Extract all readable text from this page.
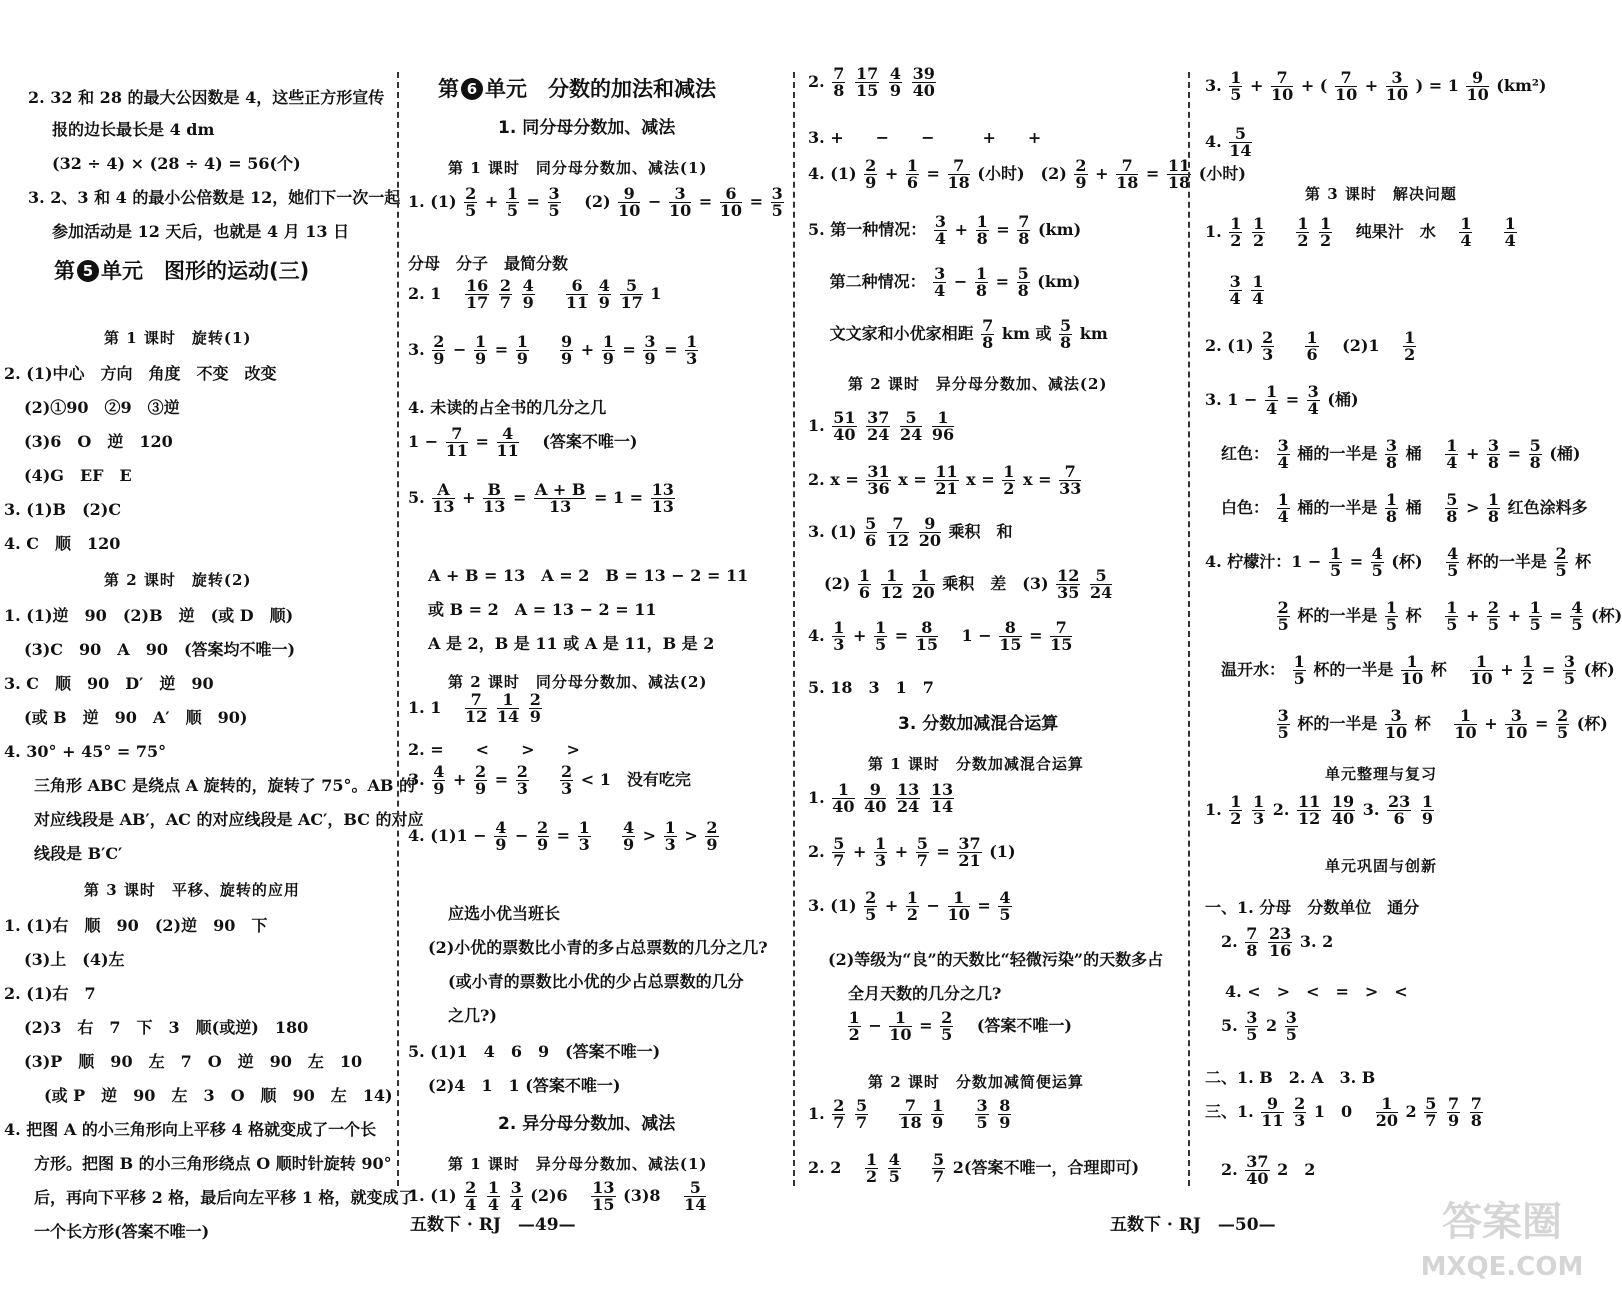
2. 32 和 28 的最大公因数是 4，这些正方形宣传
报的边长最长是 4 dm
(32 ÷ 4) × (28 ÷ 4) = 56(个)
3. 2、3 和 4 的最小公倍数是 12，她们下一次一起
参加活动是 12 天后，也就是 4 月 13 日
2. (1)中心　方向　角度　不变　改变
(2)①90　②9　③逆
(3)6　O　逆　120
(4)G　EF　E
3. (1)B　(2)C
4. C　顺　120
1. (1)逆　90　(2)B　逆　(或 D　顺)
(3)C　90　A　90　(答案均不唯一)
3. C　顺　90　D′　逆　90
(或 B　逆　90　A′　顺　90)
4. 30° + 45° = 75°
三角形 ABC 是绕点 A 旋转的，旋转了 75°。AB 的
对应线段是 AB′，AC 的对应线段是 AC′，BC 的对应
线段是 B′C′
1. (1)右　顺　90　(2)逆　90　下
(3)上　(4)左
2. (1)右　7
(2)3　右　7　下　3　顺(或逆)　180
(3)P　顺　90　左　7　O　逆　90　左　10
(或 P　逆　90　左　3　O　顺　90　左　14)
4. 把图 A 的小三角形向上平移 4 格就变成了一个长
方形。把图 B 的小三角形绕点 O 顺时针旋转 90°
后，再向下平移 2 格，最后向左平移 1 格，就变成了
一个长方形(答案不唯一)
第 5 单元　图形的运动(三)
第 1 课时　旋转(1)
第 2 课时　旋转(2)
第 3 课时　平移、旋转的应用
分母　分子　最简分数
4. 未读的占全书的几分之几
A + B = 13　A = 2　B = 13 − 2 = 11
或 B = 2　A = 13 − 2 = 11
A 是 2，B 是 11 或 A 是 11，B 是 2
2. =　　<　　>　　>
应选小优当班长
(2)小优的票数比小青的多占总票数的几分之几?
(或小青的票数比小优的少占总票数的几分
之几?)
5. (1)1　4　6　9　(答案不唯一)
(2)4　1　1 (答案不唯一)
第 6 单元　分数的加法和减法
1. 同分母分数加、减法
第 1 课时　同分母分数加、减法(1)
第 2 课时　同分母分数加、减法(2)
2. 异分母分数加、减法
第 1 课时　异分母分数加、减法(1)
1. $(1) \frac{2}{5} + \frac{1}{5} = \frac{3}{5}$ 　$(2) \frac{9}{10} - \frac{3}{10} = \frac{6}{10} = \frac{3}{5}$
2. 1　 $\frac{16}{17}$
$\frac{2}{7}$
$\frac{4}{9}$
　 $\frac{6}{11}$
$\frac{4}{9}$
$\frac{5}{17} 1$
3. $\frac{2}{9} - \frac{1}{9} = \frac{1}{9}$
　 $\frac{9}{9} + \frac{1}{9} = \frac{3}{9} = \frac{1}{3}$
$1 - \frac{7}{11} = \frac{4}{11}$ 　(答案不唯一)
5. $\frac{A}{13} + \frac{B}{13} = \frac{A + B}{13} = 1 = \frac{13}{13}$
1. 1　 $\frac{7}{12}$
$\frac{1}{14}$
$\frac{2}{9}$
3. $\frac{4}{9} + \frac{2}{9} = \frac{2}{3}$
　 $\frac{2}{3} < 1$　没有吃完
4. $(1)1 - \frac{4}{9} - \frac{2}{9} = \frac{1}{3}$
　 $\frac{4}{9} > \frac{1}{3} > \frac{2}{9}$
1. $(1) \frac{2}{4}$
$\frac{1}{4}$
$\frac{3}{4} (2)6$　 $\frac{13}{15} (3)8$　 $\frac{5}{14}$
3. +　　−　　−　　　+　　+
5. 18　3　1　7
(2)等级为“良”的天数比“轻微污染”的天数多占
全月天数的几分之几?
第 2 课时　异分母分数加、减法(2)
3. 分数加减混合运算
第 1 课时　分数加减混合运算
第 2 课时　分数加减简便运算
2. $\frac{7}{8}$
$\frac{17}{15}$
$\frac{4}{9}$
$\frac{39}{40}$
4. $(1) \frac{2}{9} + \frac{1}{6} = \frac{7}{18}$ (小时)　$(2) \frac{2}{9} + \frac{7}{18} = \frac{11}{18}$ (小时)
5. 第一种情况： $\frac{3}{4} + \frac{1}{8} = \frac{7}{8} (km)$
　 第二种情况： $\frac{3}{4} - \frac{1}{8} = \frac{5}{8} (km)$
　 文文家和小优家相距 $\frac{7}{8}$ km 或 $\frac{5}{8}$ km
1. $\frac{51}{40}$
$\frac{37}{24}$
$\frac{5}{24}$
$\frac{1}{96}$
2. $x = \frac{31}{36}$ $x = \frac{11}{21}$ $x = \frac{1}{2}$ $x = \frac{7}{33}$
3. $(1) \frac{5}{6}$
$\frac{7}{12}$
$\frac{9}{20}$ 乘积　和
　$(2) \frac{1}{6}$
$\frac{1}{12}$
$\frac{1}{20}$ 乘积　差　$(3) \frac{12}{35}$
$\frac{5}{24}$
4. $\frac{1}{3} + \frac{1}{5} = \frac{8}{15}$ 　$1 - \frac{8}{15} = \frac{7}{15}$
1. $\frac{1}{40}$
$\frac{9}{40}$
$\frac{13}{24}$
$\frac{13}{14}$
2. $\frac{5}{7} + \frac{1}{3} + \frac{5}{7} = \frac{37}{21} (1)$
3. $(1) \frac{2}{5} + \frac{1}{2} - \frac{1}{10} = \frac{4}{5}$

$\frac{1}{2} - \frac{1}{10} = \frac{2}{5}$ 　(答案不唯一)
1. $\frac{2}{7}$
$\frac{5}{7}$
　 $\frac{7}{18}$
$\frac{1}{9}$
　 $\frac{3}{5}$
$\frac{8}{9}$
2. 2　 $\frac{1}{2}$
$\frac{4}{5}$
　 $\frac{5}{7} 2$(答案不唯一，合理即可)
一、1. 分母　分数单位　通分
4. <　>　<　=　>　<
二、1. B　2. A　3. B
第 3 课时　解决问题
单元整理与复习
单元巩固与创新
3. $\frac{1}{5} + \frac{7}{10}$ + ( $\frac{7}{10} + \frac{3}{10}$ ) = $1 \frac{9}{10} (km^2)$
4. $\frac{5}{14}$
1. $\frac{1}{2}$
$\frac{1}{2}$
　 $\frac{1}{2}$
$\frac{1}{2}$ 　纯果汁　水　 $\frac{1}{4}$
　 $\frac{1}{4}$

$\frac{3}{4}$
$\frac{1}{4}$
2. $(1) \frac{2}{3}$
　 $\frac{1}{6}$ 　(2)1　 $\frac{1}{2}$
3. $1 - \frac{1}{4} = \frac{3}{4}$ (桶)
　红色： $\frac{3}{4}$ 桶的一半是 $\frac{3}{8}$ 桶　 $\frac{1}{4} + \frac{3}{8} = \frac{5}{8}$ (桶)
　白色： $\frac{1}{4}$ 桶的一半是 $\frac{1}{8}$ 桶　 $\frac{5}{8} > \frac{1}{8}$ 红色涂料多
4. 柠檬汁：$1 - \frac{1}{5} = \frac{4}{5}$ (杯)　 $\frac{4}{5}$ 杯的一半是 $\frac{2}{5}$ 杯

$\frac{2}{5}$ 杯的一半是 $\frac{1}{5}$ 杯　 $\frac{1}{5} + \frac{2}{5} + \frac{1}{5} = \frac{4}{5}$ (杯)
　温开水： $\frac{1}{5}$ 杯的一半是 $\frac{1}{10}$ 杯　 $\frac{1}{10} + \frac{1}{2} = \frac{3}{5}$ (杯)

$\frac{3}{5}$ 杯的一半是 $\frac{3}{10}$ 杯　 $\frac{1}{10} + \frac{3}{10} = \frac{2}{5}$ (杯)
1. $\frac{1}{2}$
$\frac{1}{3} 2$. $\frac{11}{12}$
$\frac{19}{40} 3$. $\frac{23}{6}$
$\frac{1}{9}$
　2. $\frac{7}{8}$
$\frac{23}{16} 3$. 2
　5. $\frac{3}{5} 2 \frac{3}{5}$
三、1. $\frac{9}{11}$
$\frac{2}{3} 1$　0　 $\frac{1}{20} 2 \frac{5}{7}$
$\frac{7}{9}$
$\frac{7}{8}$
　2. $\frac{37}{40} 2$　2
五数下 · RJ　—49—	五数下 · RJ　—50—	答案圈
MXQE.COM
